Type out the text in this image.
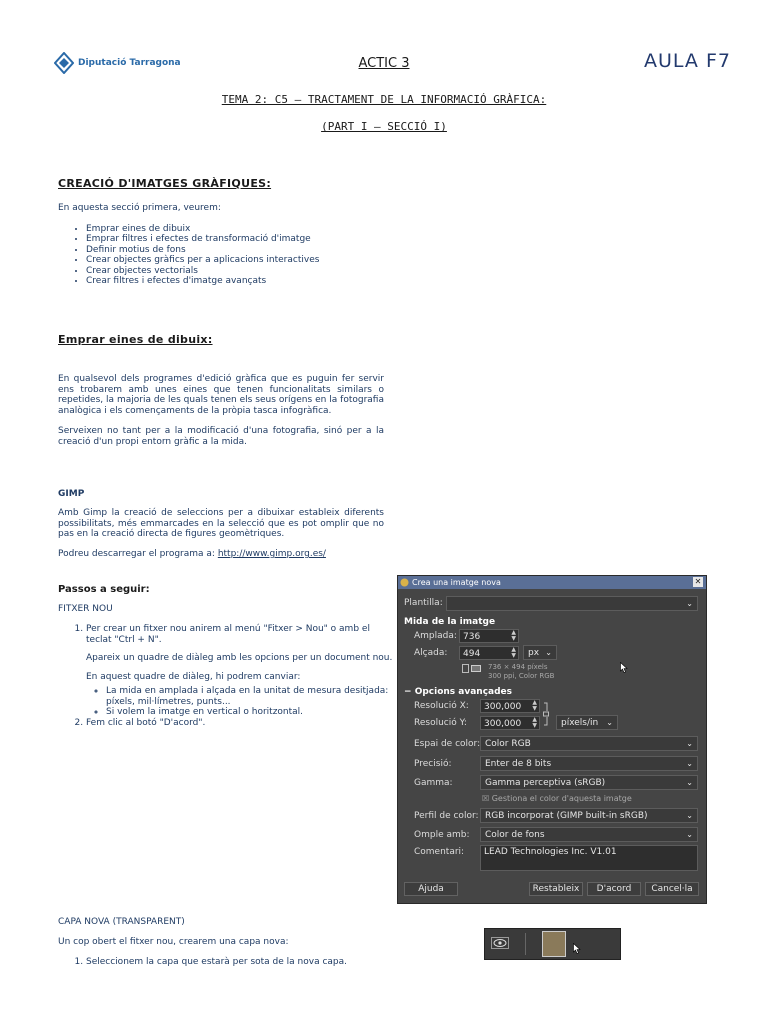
Diputació Tarragona	AULA F7
ACTIC 3
TEMA 2: C5 – TRACTAMENT DE LA INFORMACIÓ GRÀFICA:
(PART I – SECCIÓ I)
CREACIÓ D'IMATGES GRÀFIQUES:
En aquesta secció primera, veurem:
• Emprar eines de dibuix
• Emprar filtres i efectes de transformació d'imatge
• Definir motius de fons
• Crear objectes gràfics per a aplicacions interactives
• Crear objectes vectorials
• Crear filtres i efectes d'imatge avançats
Emprar eines de dibuix:
En qualsevol dels programes d'edició gràfica que es puguin fer servir ens trobarem amb unes eines que tenen funcionalitats similars o repetides, la majoria de les quals tenen els seus orígens en la fotografia analògica i els començaments de la pròpia tasca infogràfica.
Serveixen no tant per a la modificació d'una fotografia, sinó per a la creació d'un propi entorn gràfic a la mida.
GIMP
Amb Gimp la creació de seleccions per a dibuixar estableix diferents possibilitats, més emmarcades en la selecció que es pot omplir que no pas en la creació directa de figures geomètriques.
Podreu descarregar el programa a: http://www.gimp.org.es/
Passos a seguir:
FITXER NOU

1. Per crear un fitxer nou anirem al menú "Fitxer > Nou" o amb el teclat "Ctrl + N".

Apareix un quadre de diàleg amb les opcions per un document nou.

En aquest quadre de diàleg, hi podrem canviar:

◦ La mida en amplada i alçada en la unitat de mesura desitjada: píxels, mil·límetres, punts...
◦ Si volem la imatge en vertical o horitzontal.
2. Fem clic al botó "D'acord".
CAPA NOVA (TRANSPARENT)
Un cop obert el fitxer nou, crearem una capa nova:
1. Seleccionem la capa que estarà per sota de la nova capa.
Crea una imatge nova	✕
Plantilla:	⌄
Mida de la imatge
Amplada: 736	▲
▼
Alçada:	494	▲
▼	px ⌄
736 × 494 píxels
300 ppi, Color RGB
− Opcions avançades
Resolució X:	300,000 ▲
▼
Resolució Y:	300,000 ▲
▼	píxels/in ⌄
Espai de color: Color RGB	⌄
Precisió:	Enter de 8 bits	⌄
Gamma:	Gamma perceptiva (sRGB)	⌄
☒ Gestiona el color d'aquesta imatge
Perfil de color: RGB incorporat (GIMP built-in sRGB)	⌄
Omple amb:	Color de fons	⌄
Comentari:	LEAD Technologies Inc. V1.01
Ajuda	Restableix	D'acord	Cancel·la
